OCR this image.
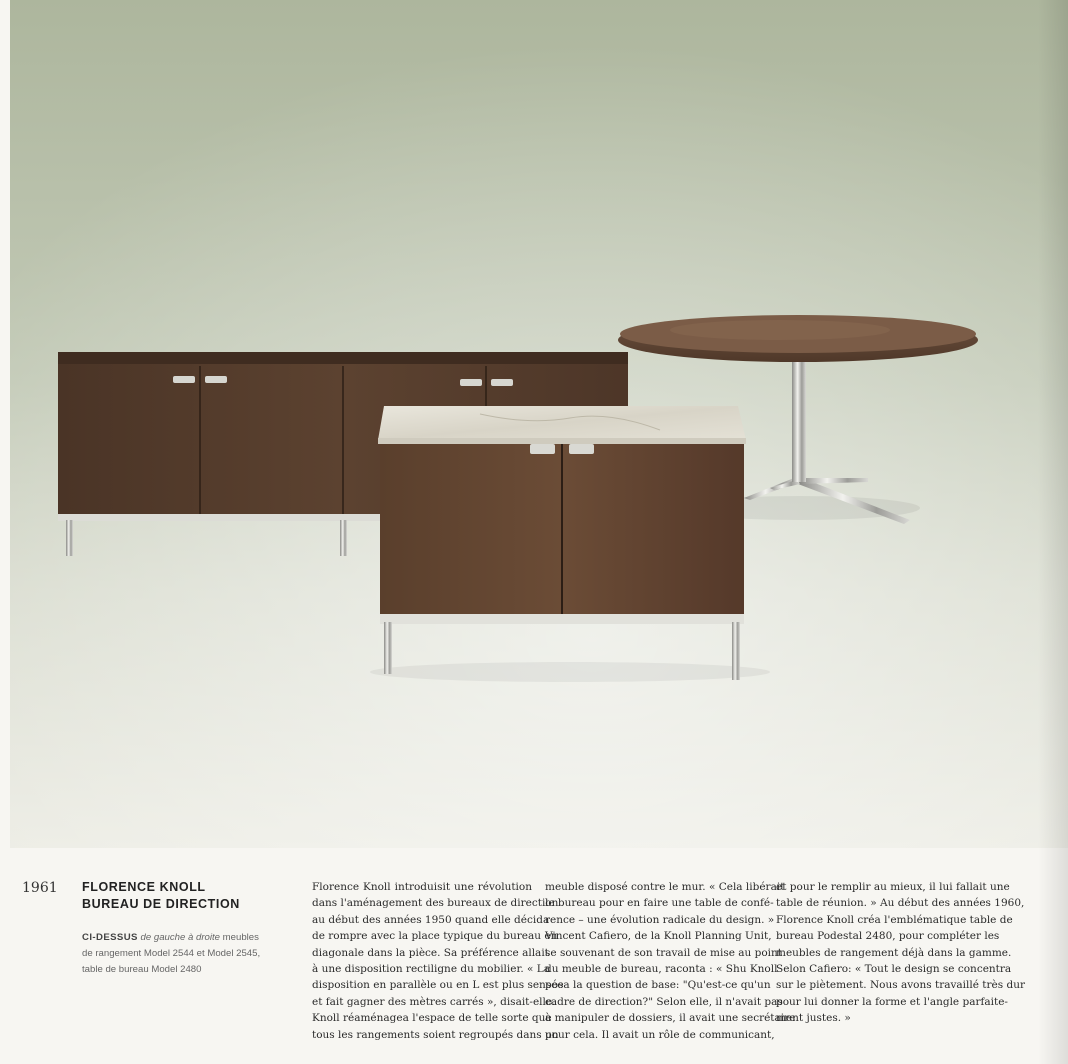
1961 FLORENCE KNOLL
BUREAU DE DIRECTION
CI-DESSUS de gauche à droite meubles
de rangement Model 2544 et Model 2545,
table de bureau Model 2480
Florence Knoll introduisit une révolution
dans l'aménagement des bureaux de direction
au début des années 1950 quand elle décida
de rompre avec la place typique du bureau en
diagonale dans la pièce. Sa préférence allait
à une disposition rectiligne du mobilier. « La
disposition en parallèle ou en L est plus sensée
et fait gagner des mètres carrés », disait-elle.
Knoll réaménagea l'espace de telle sorte que
tous les rangements soient regroupés dans un
meuble disposé contre le mur. « Cela libérait
le bureau pour en faire une table de confé-
rence – une évolution radicale du design. »
Vincent Cafiero, de la Knoll Planning Unit,
se souvenant de son travail de mise au point
du meuble de bureau, raconta : « Shu Knoll
posa la question de base: "Qu'est-ce qu'un
cadre de direction?" Selon elle, il n'avait pas
à manipuler de dossiers, il avait une secrétaire
pour cela. Il avait un rôle de communicant,
et pour le remplir au mieux, il lui fallait une
table de réunion. » Au début des années 1960,
Florence Knoll créa l'emblématique table de
bureau Podestal 2480, pour compléter les
meubles de rangement déjà dans la gamme.
Selon Cafiero: « Tout le design se concentra
sur le piètement. Nous avons travaillé très dur
pour lui donner la forme et l'angle parfaite-
ment justes. »
